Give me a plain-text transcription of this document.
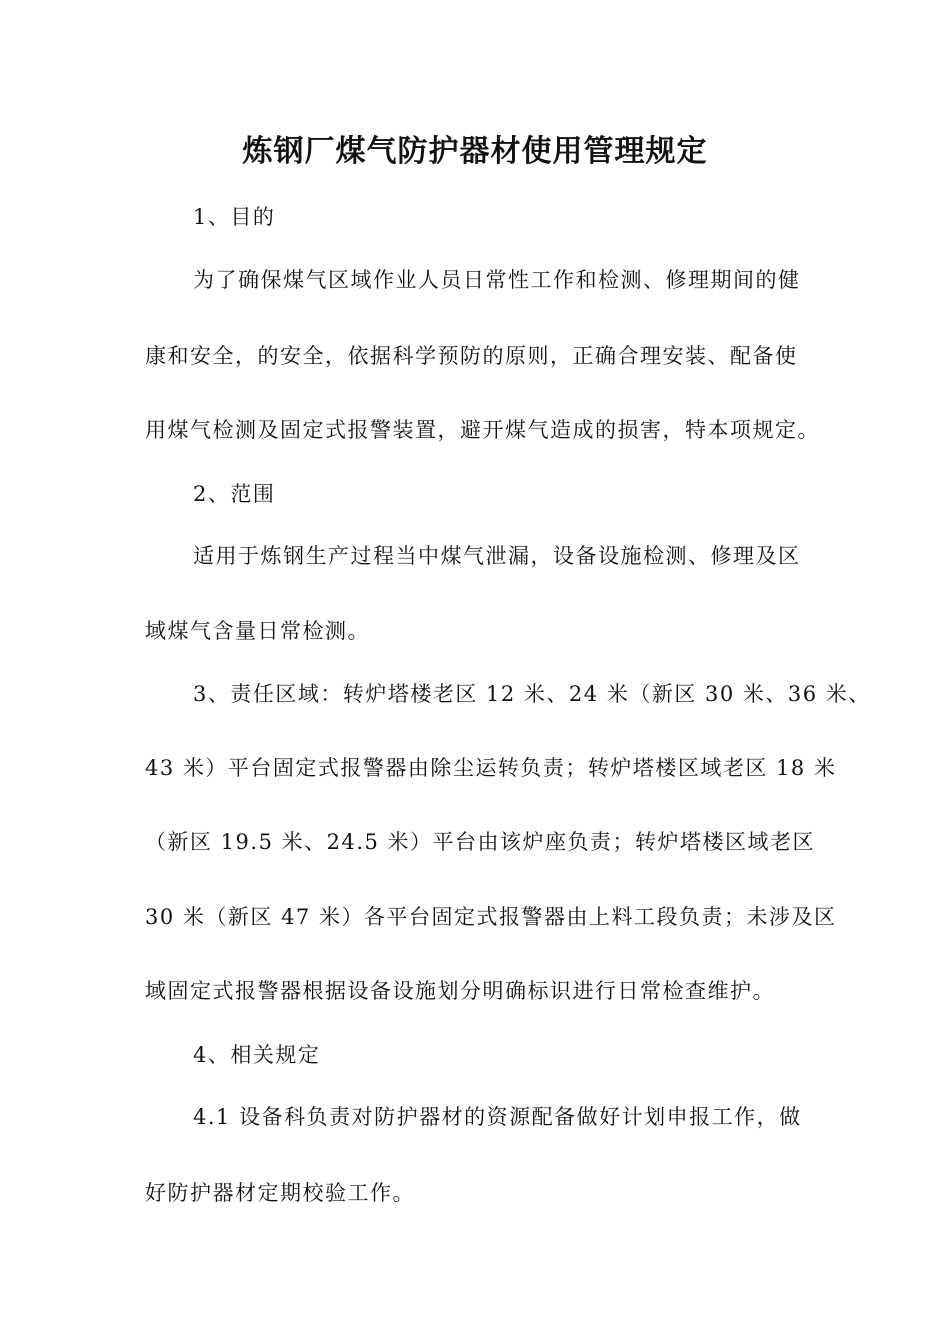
炼钢厂煤气防护器材使用管理规定

1、目的

为了确保煤气区域作业人员日常性工作和检测、修理期间的健

康和安全，的安全，依据科学预防的原则，正确合理安装、配备使

用煤气检测及固定式报警装置，避开煤气造成的损害，特本项规定。

2、范围

适用于炼钢生产过程当中煤气泄漏，设备设施检测、修理及区

域煤气含量日常检测。

3、责任区域：转炉塔楼老区 12 米、24 米（新区 30 米、36 米、

43 米）平台固定式报警器由除尘运转负责；转炉塔楼区域老区 18 米

（新区 19.5 米、24.5 米）平台由该炉座负责；转炉塔楼区域老区

30 米（新区 47 米）各平台固定式报警器由上料工段负责；未涉及区

域固定式报警器根据设备设施划分明确标识进行日常检查维护。

4、相关规定

4.1 设备科负责对防护器材的资源配备做好计划申报工作，做

好防护器材定期校验工作。
